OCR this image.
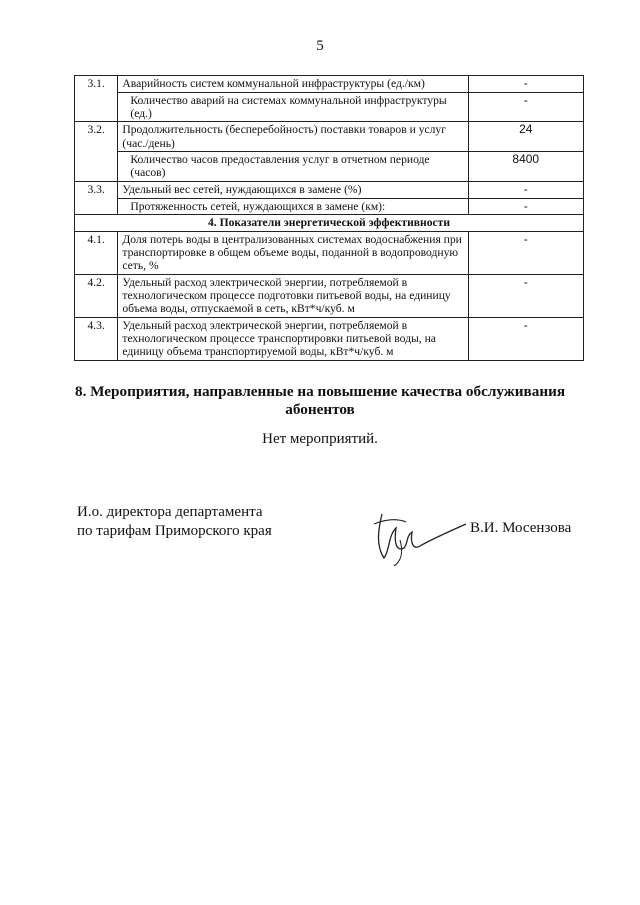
5
3.1.	Аварийность систем коммунальной инфраструктуры (ед./км)	-
	Количество аварий на системах коммунальной инфраструктуры (ед.)	-
3.2.	Продолжительность (бесперебойность) поставки товаров и услуг (час./день)	24
	Количество часов предоставления услуг в отчетном периоде (часов)	8400
3.3.	Удельный вес сетей, нуждающихся в замене (%)	-
	Протяженность сетей, нуждающихся в замене (км):	-
4. Показатели энергетической эффективности		
4.1.	Доля потерь воды в централизованных системах водоснабжения при транспортировке в общем объеме воды, поданной в водопроводную сеть, %	-
4.2.	Удельный расход электрической энергии, потребляемой в технологическом процессе подготовки питьевой воды, на единицу объема воды, отпускаемой в сеть, кВт*ч/куб. м	-
4.3.	Удельный расход электрической энергии, потребляемой в технологическом процессе транспортировки питьевой воды, на единицу объема транспортируемой воды, кВт*ч/куб. м	-
8. Мероприятия, направленные на повышение качества обслуживания абонентов
Нет мероприятий.
И.о. директора департамента
по тарифам Приморского края	В.И. Мосензова
